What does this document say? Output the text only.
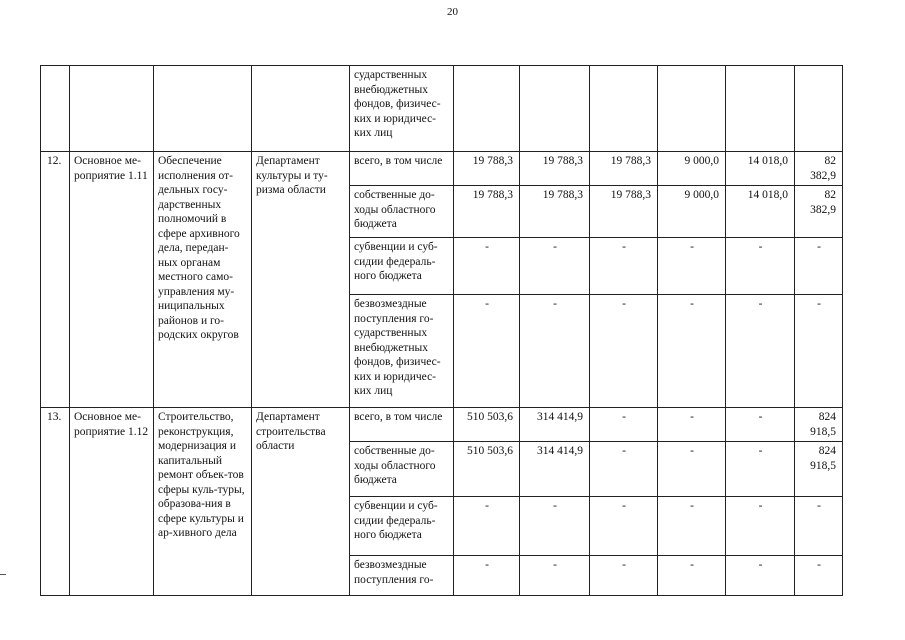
20
				сударственных внебюджетных фондов, физичес-ких и юридичес-ких лиц						
12.	Основное ме-роприятие 1.11	Обеспечение исполнения от-дельных госу-дарственных полномочий в сфере архивного дела, передан-ных органам местного само-управления му-ниципальных районов и го-родских округов	Департамент культуры и ту-ризма области	всего, в том числе	19 788,3	19 788,3	19 788,3	9 000,0	14 018,0	82 382,9
				собственные до-ходы областного бюджета	19 788,3	19 788,3	19 788,3	9 000,0	14 018,0	82 382,9
				субвенции и суб-сидии федераль-ного бюджета	-	-	-	-	-	-
				безвозмездные поступления го-сударственных внебюджетных фондов, физичес-ких и юридичес-ких лиц	-	-	-	-	-	-
13.	Основное ме-роприятие 1.12	Строительство, реконструкция, модернизация и капитальный ремонт объек-тов сферы куль-туры, образова-ния в сфере культуры и ар-хивного дела	Департамент строительства области	всего, в том числе	510 503,6	314 414,9	-	-	-	824 918,5
				собственные до-ходы областного бюджета	510 503,6	314 414,9	-	-	-	824 918,5
				субвенции и суб-сидии федераль-ного бюджета	-	-	-	-	-	-
				безвозмездные поступления го-	-	-	-	-	-	-
